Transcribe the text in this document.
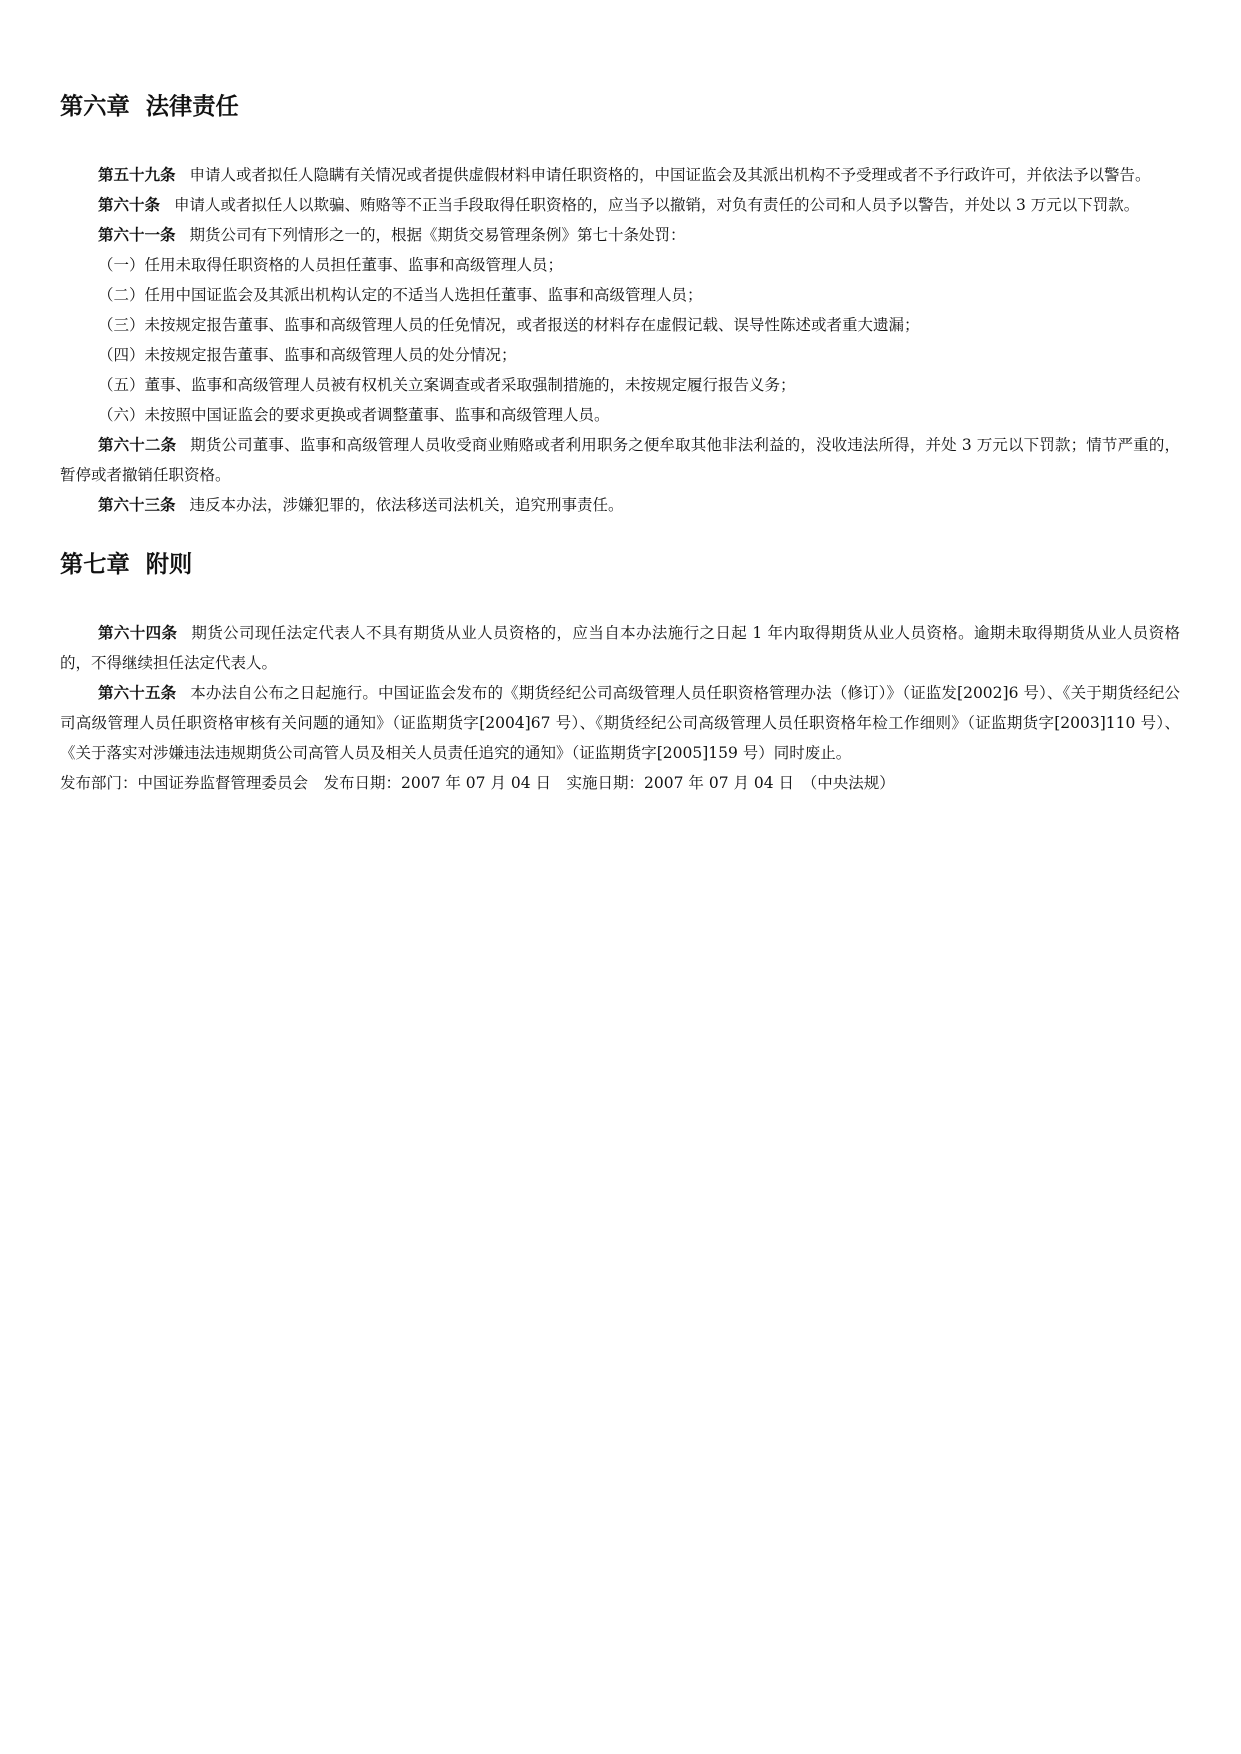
第六章 法律责任

第五十九条 申请人或者拟任人隐瞒有关情况或者提供虚假材料申请任职资格的，中国证监会及其派出机构不予受理或者不予行政许可，并依法予以警告。

第六十条 申请人或者拟任人以欺骗、贿赂等不正当手段取得任职资格的，应当予以撤销，对负有责任的公司和人员予以警告，并处以 3 万元以下罚款。

第六十一条 期货公司有下列情形之一的，根据《期货交易管理条例》第七十条处罚：

（一）任用未取得任职资格的人员担任董事、监事和高级管理人员；

（二）任用中国证监会及其派出机构认定的不适当人选担任董事、监事和高级管理人员；

（三）未按规定报告董事、监事和高级管理人员的任免情况，或者报送的材料存在虚假记载、误导性陈述或者重大遗漏；

（四）未按规定报告董事、监事和高级管理人员的处分情况；

（五）董事、监事和高级管理人员被有权机关立案调查或者采取强制措施的，未按规定履行报告义务；

（六）未按照中国证监会的要求更换或者调整董事、监事和高级管理人员。

第六十二条 期货公司董事、监事和高级管理人员收受商业贿赂或者利用职务之便牟取其他非法利益的，没收违法所得，并处 3 万元以下罚款；情节严重的，暂停或者撤销任职资格。

第六十三条 违反本办法，涉嫌犯罪的，依法移送司法机关，追究刑事责任。

第七章 附则

第六十四条 期货公司现任法定代表人不具有期货从业人员资格的，应当自本办法施行之日起 1 年内取得期货从业人员资格。逾期未取得期货从业人员资格的，不得继续担任法定代表人。

第六十五条 本办法自公布之日起施行。中国证监会发布的《期货经纪公司高级管理人员任职资格管理办法（修订）》（证监发[2002]6 号）、《关于期货经纪公司高级管理人员任职资格审核有关问题的通知》（证监期货字[2004]67 号）、《期货经纪公司高级管理人员任职资格年检工作细则》（证监期货字[2003]110 号）、《关于落实对涉嫌违法违规期货公司高管人员及相关人员责任追究的通知》（证监期货字[2005]159 号）同时废止。

发布部门：中国证券监督管理委员会　发布日期：2007 年 07 月 04 日　实施日期：2007 年 07 月 04 日　（中央法规）
